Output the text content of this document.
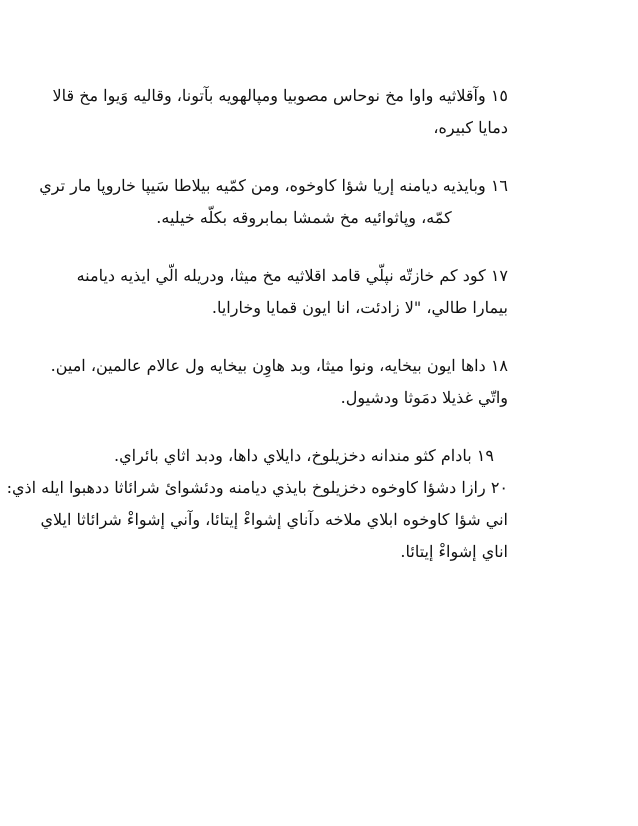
١٥ وآقلاثيه واوا مخ نوحاس مصوبيا ومپالهويه بآتونا، وقاليه وَيوا مخ قالا
دمايا كبيره،
١٦ وبايذيه ديامنه إريا شؤا كاوخوه، ومن كمّيه بيلاطا سَيپا خاروپا مار تري
كمّه، وپاثوائيه مخ شمشا بمابروقه بكلّه خيليه.
١٧ كود كم خازتّه نپلّي قامد اقلاثيه مخ ميثا، ودريله الّي ايذيه ديامنه
بيمارا طالي، "لا زادئت، انا ايون قمايا وخارايا.
١٨ داها ايون بيخايه، ونوا ميثا، وبد هاوِن بيخايه ول عالام عالمين، امين.
واتّي غذيلا دمَوثا ودشيول.
١٩ بادام كثو مندانه دخزيلوخ، دايلاي داها، ودبد اثاي بائراي.
٢٠ رازا دشؤا كاوخوه دخزيلوخ بايذي ديامنه ودئشوائ شرائاثا ددهبوا ايله اذي:
اني شؤا كاوخوه ابلاي ملاخه دآناي إشواءْ إيتائا، وآني إشواءْ شرائاثا ايلاي
اناي إشواءْ إيتائا.
